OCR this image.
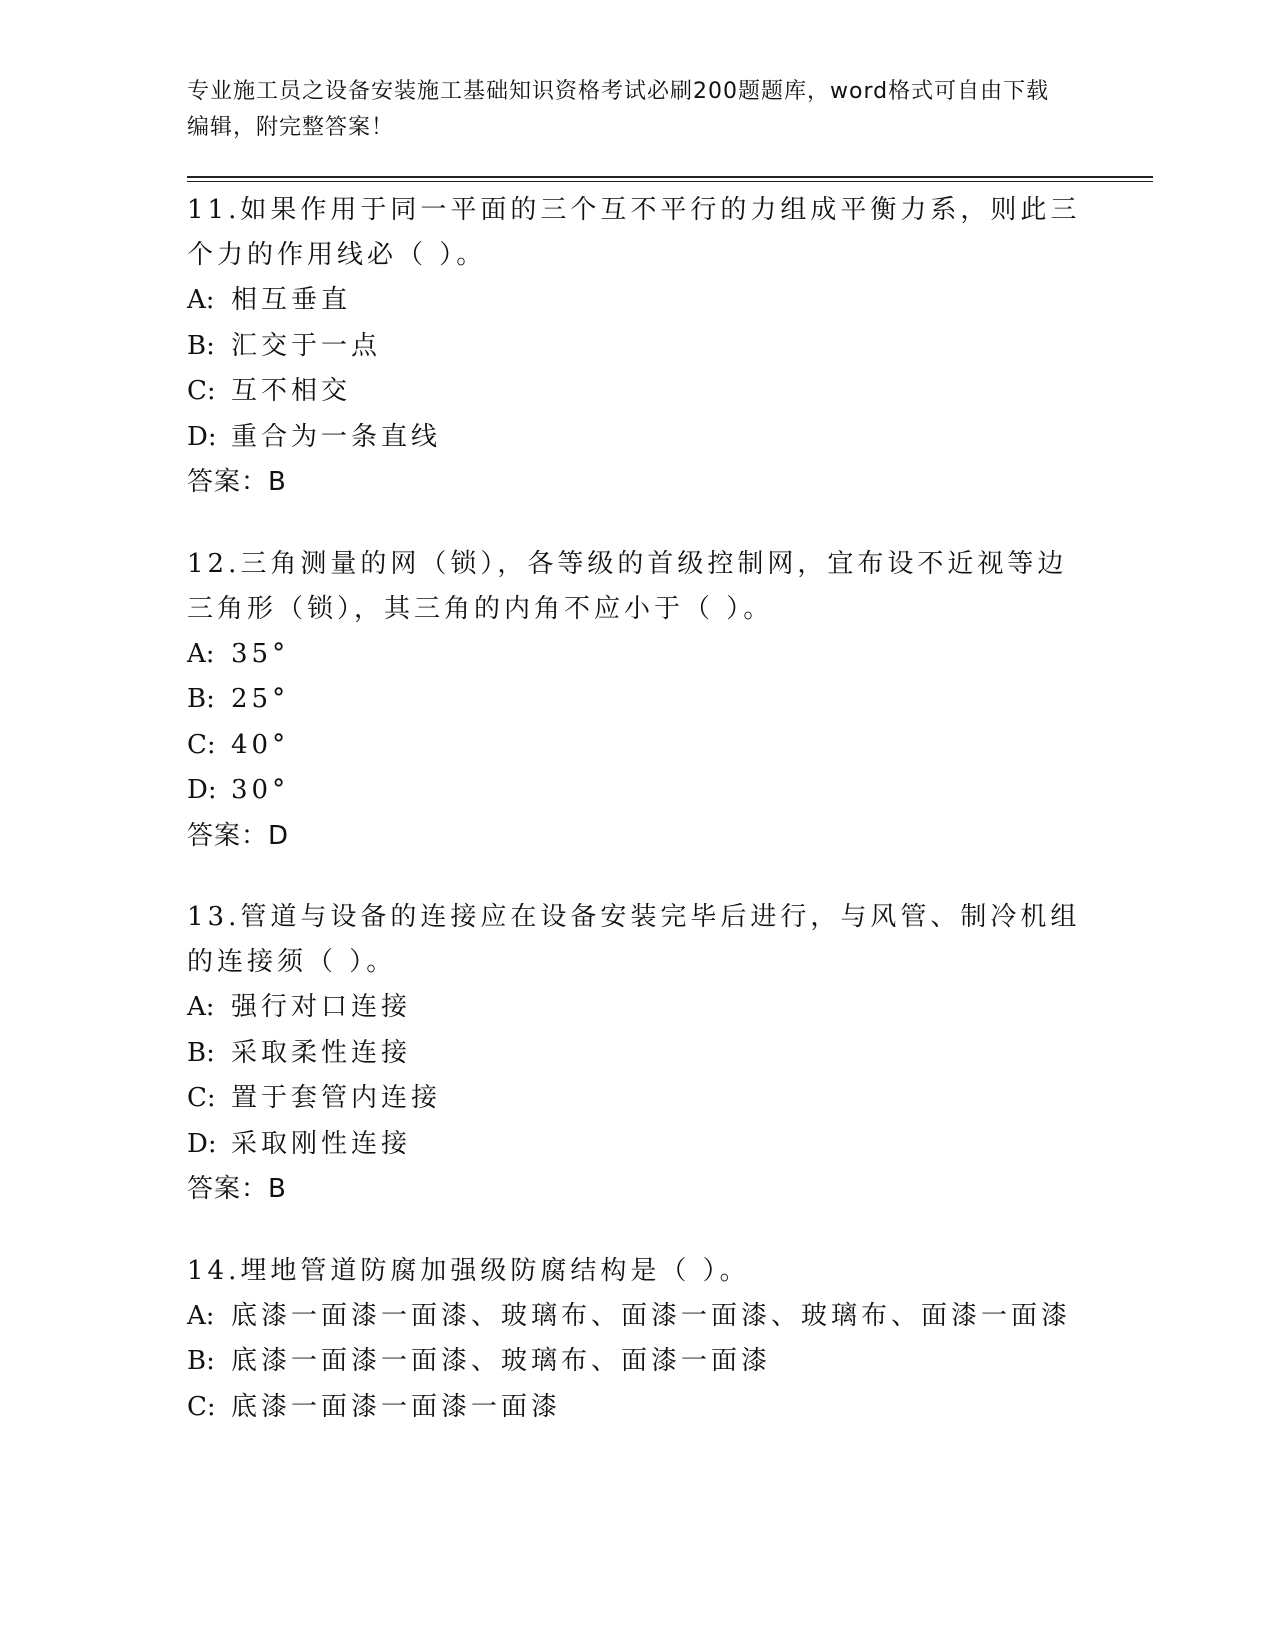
专业施工员之设备安装施工基础知识资格考试必刷200题题库，word格式可自由下载编辑，附完整答案！
11.如果作用于同一平面的三个互不平行的力组成平衡力系，则此三个力的作用线必（ ）。
A: 相互垂直
B: 汇交于一点
C: 互不相交
D: 重合为一条直线
答案：B
12.三角测量的网（锁），各等级的首级控制网，宜布设不近视等边三角形（锁），其三角的内角不应小于（ ）。
A: 35°
B: 25°
C: 40°
D: 30°
答案：D
13.管道与设备的连接应在设备安装完毕后进行，与风管、制冷机组的连接须（ ）。
A: 强行对口连接
B: 采取柔性连接
C: 置于套管内连接
D: 采取刚性连接
答案：B
14.埋地管道防腐加强级防腐结构是（ ）。
A: 底漆一面漆一面漆、玻璃布、面漆一面漆、玻璃布、面漆一面漆
B: 底漆一面漆一面漆、玻璃布、面漆一面漆
C: 底漆一面漆一面漆一面漆
